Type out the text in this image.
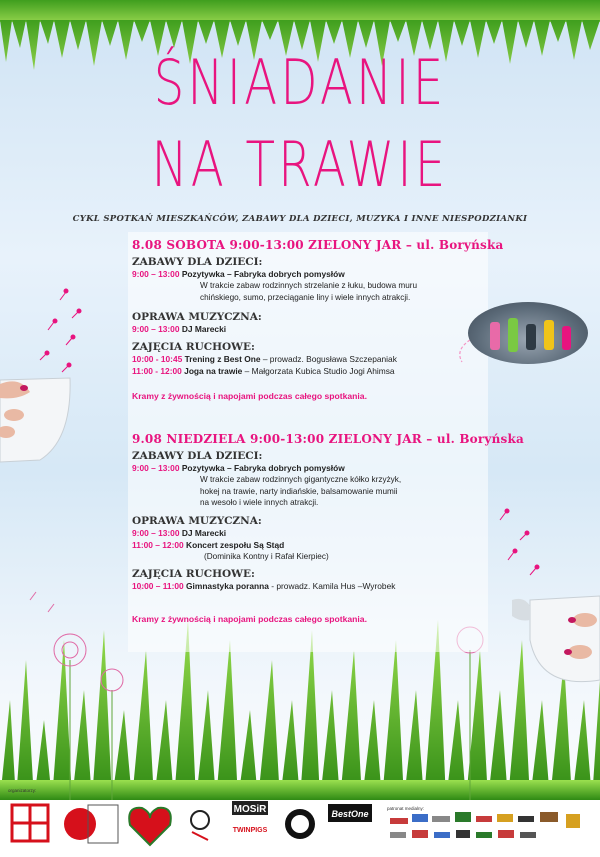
ŚNIADANIE
NA TRAWIE
CYKL SPOTKAŃ MIESZKAŃCÓW, ZABAWY DLA DZIECI, MUZYKA I INNE NIESPODZIANKI
8.08 SOBOTA 9:00-13:00 ZIELONY JAR – ul. Boryńska
ZABAWY DLA DZIECI:
9:00 – 13:00 Pozytywka – Fabryka dobrych pomysłów
W trakcie zabaw rodzinnych strzelanie z łuku, budowa muru
chińskiego, sumo, przeciąganie liny i wiele innych atrakcji.
OPRAWA MUZYCZNA:
9:00 – 13:00 DJ Marecki
ZAJĘCIA RUCHOWE:
10:00 - 10:45 Trening z Best One – prowadz. Bogusława Szczepaniak
11:00 - 12:00 Joga na trawie – Małgorzata Kubica Studio Jogi Ahimsa
Kramy z żywnością i napojami podczas całego spotkania.
9.08 NIEDZIELA 9:00-13:00 ZIELONY JAR – ul. Boryńska
ZABAWY DLA DZIECI:
9:00 – 13:00 Pozytywka – Fabryka dobrych pomysłów
W trakcie zabaw rodzinnych gigantyczne kółko krzyżyk,
hokej na trawie, narty indiańskie, balsamowanie mumii
na wesoło i wiele innych atrakcji.
OPRAWA MUZYCZNA:
9:00 – 13:00 DJ Marecki
11:00 – 12:00 Koncert zespołu Są Stąd
(Dominika Kontny i Rafał Kierpiec)
ZAJĘCIA RUCHOWE:
10:00 – 11:00 Gimnastyka poranna - prowadz. Kamila Hus –Wyrobek
Kramy z żywnością i napojami podczas całego spotkania.
organizatorzy:
patronat medialny:
MOSiR
TWINPIGS
BestOne
